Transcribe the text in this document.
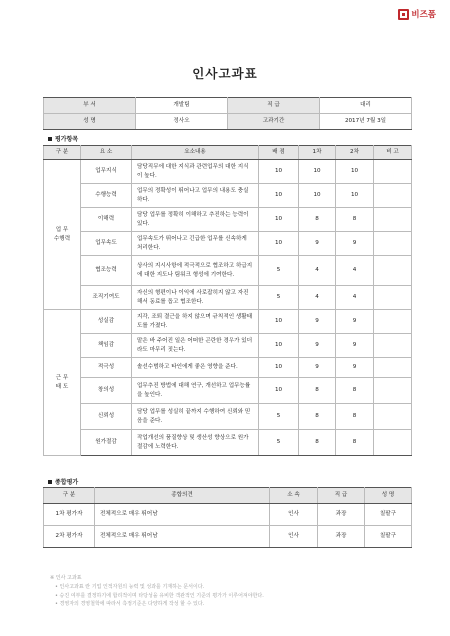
비즈폼
인사고과표
부 서	개발팀	직 급	대리
성 명	정사오	고과기간	2017년 7월 3일
평가항목
구 분	요 소	요소내용	배 점	1차	2차	비 고
업 무
수행력	업무지식	담당직무에 대한 지식과 관련업무의 대한 지식이 높다.	10	10	10	
	수행능력	업무의 정확성이 뛰어나고 업무의 내용도 충실하다.	10	10	10	
	이해력	담당 업무를 정확히 이해하고 추진하는 능력이 있다.	10	8	8	
	업무속도	업무속도가 뛰어나고 긴급한 업무를 신속하게 처리한다.	10	9	9	
	협조능력	상사의 지시사항에 적극적으로 협조하고 하급지에 대한 지도나 팀워크 형성에 기여한다.	5	4	4	
	조직기여도	자신의 형편이나 이익에 사로잡히지 않고 자진해서 동료를 돕고 협조한다.	5	4	4	
근 무
태 도	성실감	지각, 조퇴 결근을 하지 않으며 규칙적인 생활태도를 가졌다.	10	9	9	
	책임감	맡은 바 주어진 일은 어떠한 곤란한 경우가 있더라도 마무리 짓는다.	10	9	9	
	적극성	솔선수범하고 타인에게 좋은 영향을 준다.	10	9	9	
	창의성	업무추진 방법에 대해 연구, 개선하고 업무능률을 높인다.	10	8	8	
	신뢰성	담당 업무를 성실히 끝까지 수행하여 신뢰와 믿음을 준다.	5	8	8	
	원가절감	작업개선의 품질향상 및 생산성 향상으로 원가절감에 노력한다.	5	8	8	
종합평가
구 분	종합의견	소 속	직 급	성 명
1차 평가자	전체적으로 매우 뛰어남	인사	과장	칠팔구
2차 평가자	전체적으로 매우 뛰어남	인사	과장	칠팔구
※ 인사 고과표
• 인사고과표 란 기업 인적자원의 능력 및 성과를 기재하는 문서이다.
• 승진 여부를 결정하기에 합리적이며 타당성을 유비한 객관적인 기준의 평가가 이루어져야한다.
• 경영자의 경영철학에 따라서 측정기준은 다양하게 작성 할 수 있다.
